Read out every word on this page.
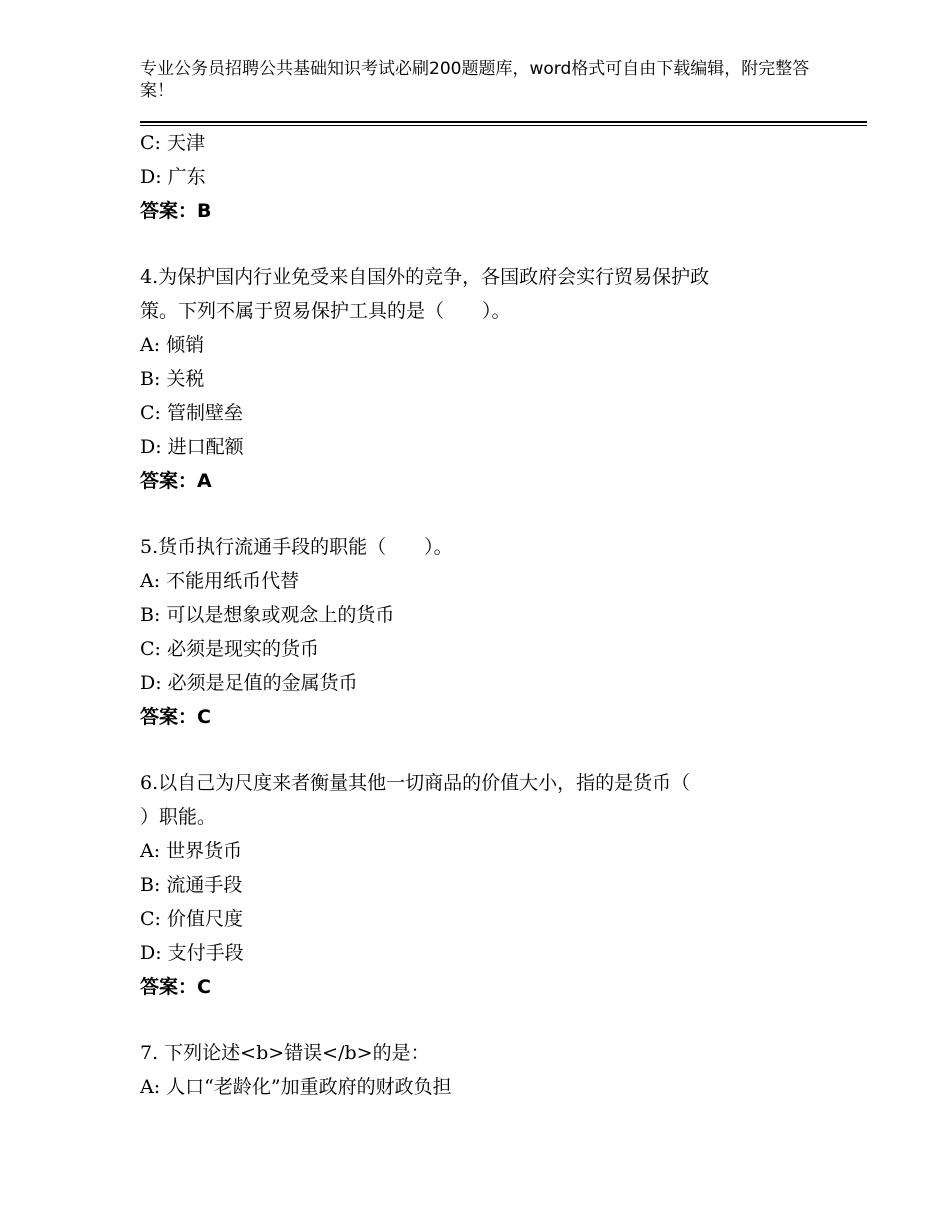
专业公务员招聘公共基础知识考试必刷200题题库，word格式可自由下载编辑，附完整答案！
C: 天津
D: 广东
答案：B
4.为保护国内行业免受来自国外的竞争，各国政府会实行贸易保护政
策。下列不属于贸易保护工具的是（　　）。
A: 倾销
B: 关税
C: 管制壁垒
D: 进口配额
答案：A
5.货币执行流通手段的职能（　　）。
A: 不能用纸币代替
B: 可以是想象或观念上的货币
C: 必须是现实的货币
D: 必须是足值的金属货币
答案：C
6.以自己为尺度来者衡量其他一切商品的价值大小，指的是货币（
）职能。
A: 世界货币
B: 流通手段
C: 价值尺度
D: 支付手段
答案：C
7. 下列论述<b>错误</b>的是：
A: 人口“老龄化”加重政府的财政负担
